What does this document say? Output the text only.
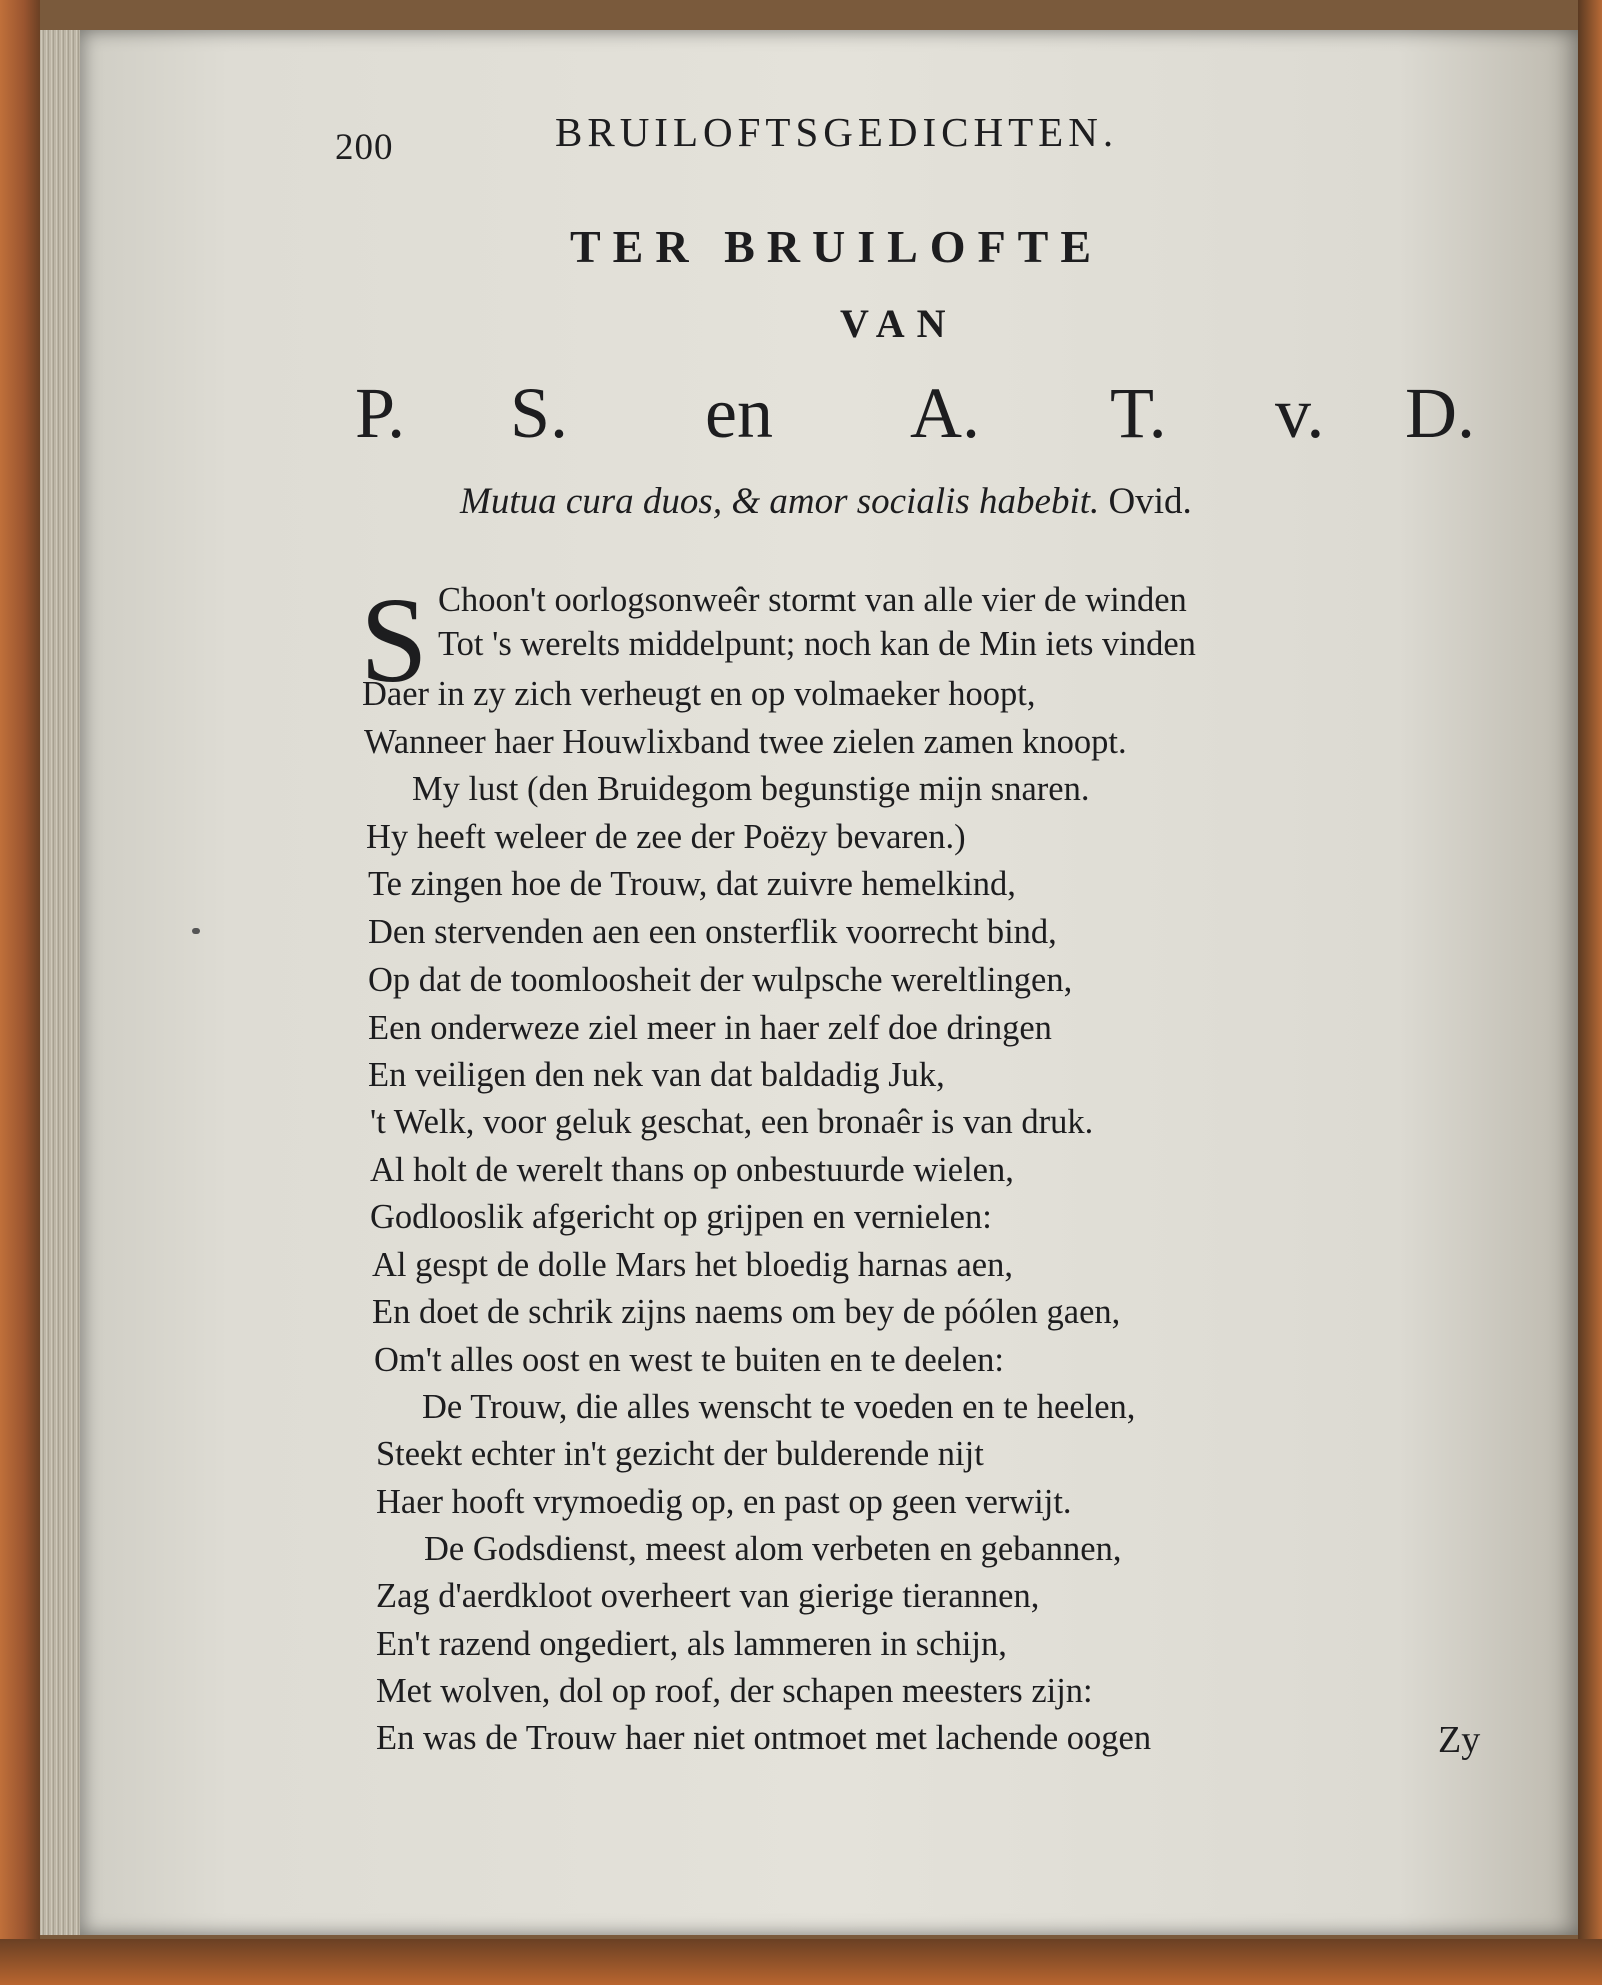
200	BRUILOFTSGEDICHTEN.
TER BRUILOFTE
VAN
P. S. en A. T. v. D.
Mutua cura duos, & amor socialis habebit. Ovid.
S Choon't oorlogsonweêr stormt van alle vier de winden
Tot 's werelts middelpunt; noch kan de Min iets vinden
Daer in zy zich verheugt en op volmaeker hoopt,
Wanneer haer Houwlixband twee zielen zamen knoopt.
My lust (den Bruidegom begunstige mijn snaren.
Hy heeft weleer de zee der Poëzy bevaren.)
Te zingen hoe de Trouw, dat zuivre hemelkind,
Den stervenden aen een onsterflik voorrecht bind,
Op dat de toomloosheit der wulpsche wereltlingen,
Een onderweze ziel meer in haer zelf doe dringen
En veiligen den nek van dat baldadig Juk,
't Welk, voor geluk geschat, een bronaêr is van druk.
Al holt de werelt thans op onbestuurde wielen,
Godlooslik afgericht op grijpen en vernielen:
Al gespt de dolle Mars het bloedig harnas aen,
En doet de schrik zijns naems om bey de póólen gaen,
Om't alles oost en west te buiten en te deelen:
De Trouw, die alles wenscht te voeden en te heelen,
Steekt echter in't gezicht der bulderende nijt
Haer hooft vrymoedig op, en past op geen verwijt.
De Godsdienst, meest alom verbeten en gebannen,
Zag d'aerdkloot overheert van gierige tierannen,
En't razend ongediert, als lammeren in schijn,
Met wolven, dol op roof, der schapen meesters zijn:
En was de Trouw haer niet ontmoet met lachende oogen	Zy
